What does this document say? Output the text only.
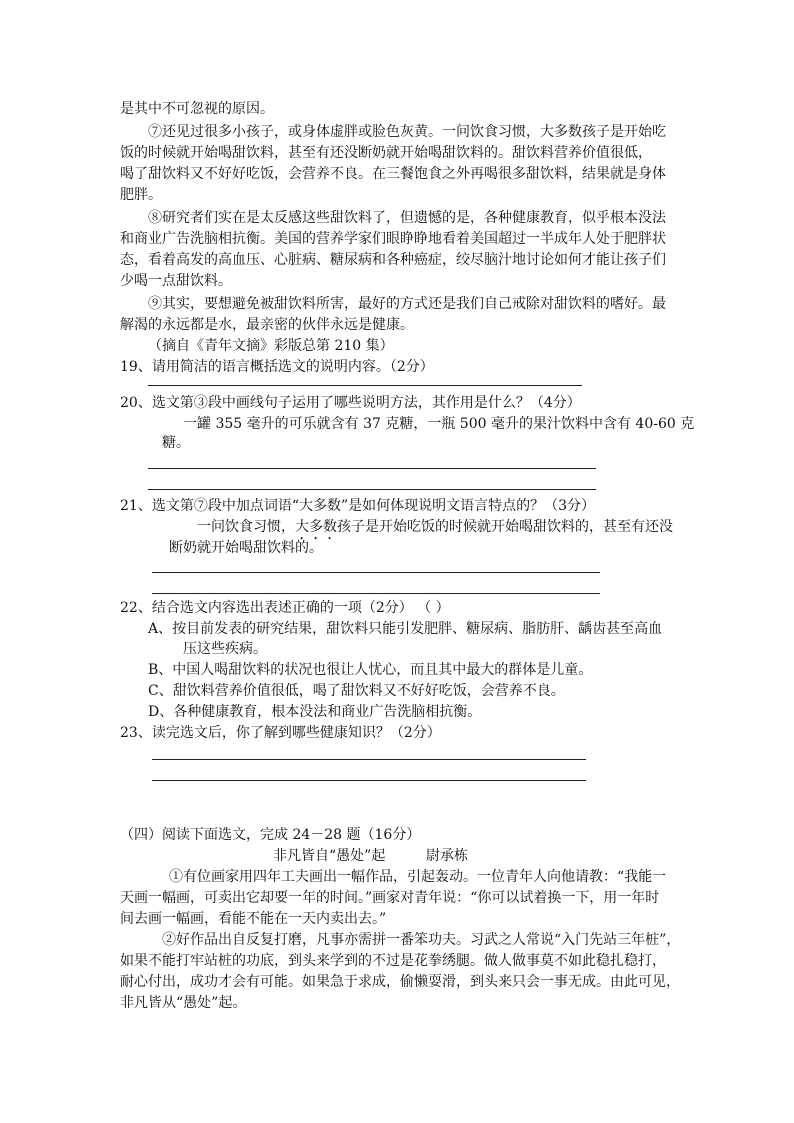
是其中不可忽视的原因。
⑦还见过很多小孩子，或身体虚胖或脸色灰黄。一问饮食习惯，大多数孩子是开始吃
饭的时候就开始喝甜饮料，甚至有还没断奶就开始喝甜饮料的。甜饮料营养价值很低，
喝了甜饮料又不好好吃饭，会营养不良。在三餐饱食之外再喝很多甜饮料，结果就是身体
肥胖。
⑧研究者们实在是太反感这些甜饮料了，但遗憾的是，各种健康教育，似乎根本没法
和商业广告洗脑相抗衡。美国的营养学家们眼睁睁地看着美国超过一半成年人处于肥胖状
态，看着高发的高血压、心脏病、糖尿病和各种癌症，绞尽脑汁地讨论如何才能让孩子们
少喝一点甜饮料。
⑨其实，要想避免被甜饮料所害，最好的方式还是我们自己戒除对甜饮料的嗜好。最
解渴的永远都是水，最亲密的伙伴永远是健康。
（摘自《青年文摘》彩版总第 210 集）
19、请用简洁的语言概括选文的说明内容。（2分）
20、选文第③段中画线句子运用了哪些说明方法，其作用是什么？（4分）
一罐 355 毫升的可乐就含有 37 克糖，一瓶 500 毫升的果汁饮料中含有 40-60 克
糖。
21、选文第⑦段中加点词语“大多数”是如何体现说明文语言特点的？（3分）
一问饮食习惯，大多数孩子是开始吃饭的时候就开始喝甜饮料的，甚至有还没
断奶就开始喝甜饮料的。
22、结合选文内容选出表述正确的一项（2分） （ ）
A、按目前发表的研究结果，甜饮料只能引发肥胖、糖尿病、脂肪肝、龋齿甚至高血
压这些疾病。
B、中国人喝甜饮料的状况也很让人忧心，而且其中最大的群体是儿童。
C、甜饮料营养价值很低，喝了甜饮料又不好好吃饭，会营养不良。
D、各种健康教育，根本没法和商业广告洗脑相抗衡。
23、读完选文后，你了解到哪些健康知识？（2分）
（四）阅读下面选文，完成 24－28 题（16分）
非凡皆自“愚处”起	尉承栋
①有位画家用四年工夫画出一幅作品，引起轰动。一位青年人向他请教：“我能一
天画一幅画，可卖出它却要一年的时间。”画家对青年说：“你可以试着换一下，用一年时
间去画一幅画，看能不能在一天内卖出去。”
②好作品出自反复打磨，凡事亦需拼一番笨功夫。习武之人常说“入门先站三年桩”，
如果不能打牢站桩的功底，到头来学到的不过是花拳绣腿。做人做事莫不如此稳扎稳打，
耐心付出，成功才会有可能。如果急于求成，偷懒耍滑，到头来只会一事无成。由此可见，
非凡皆从“愚处”起。
